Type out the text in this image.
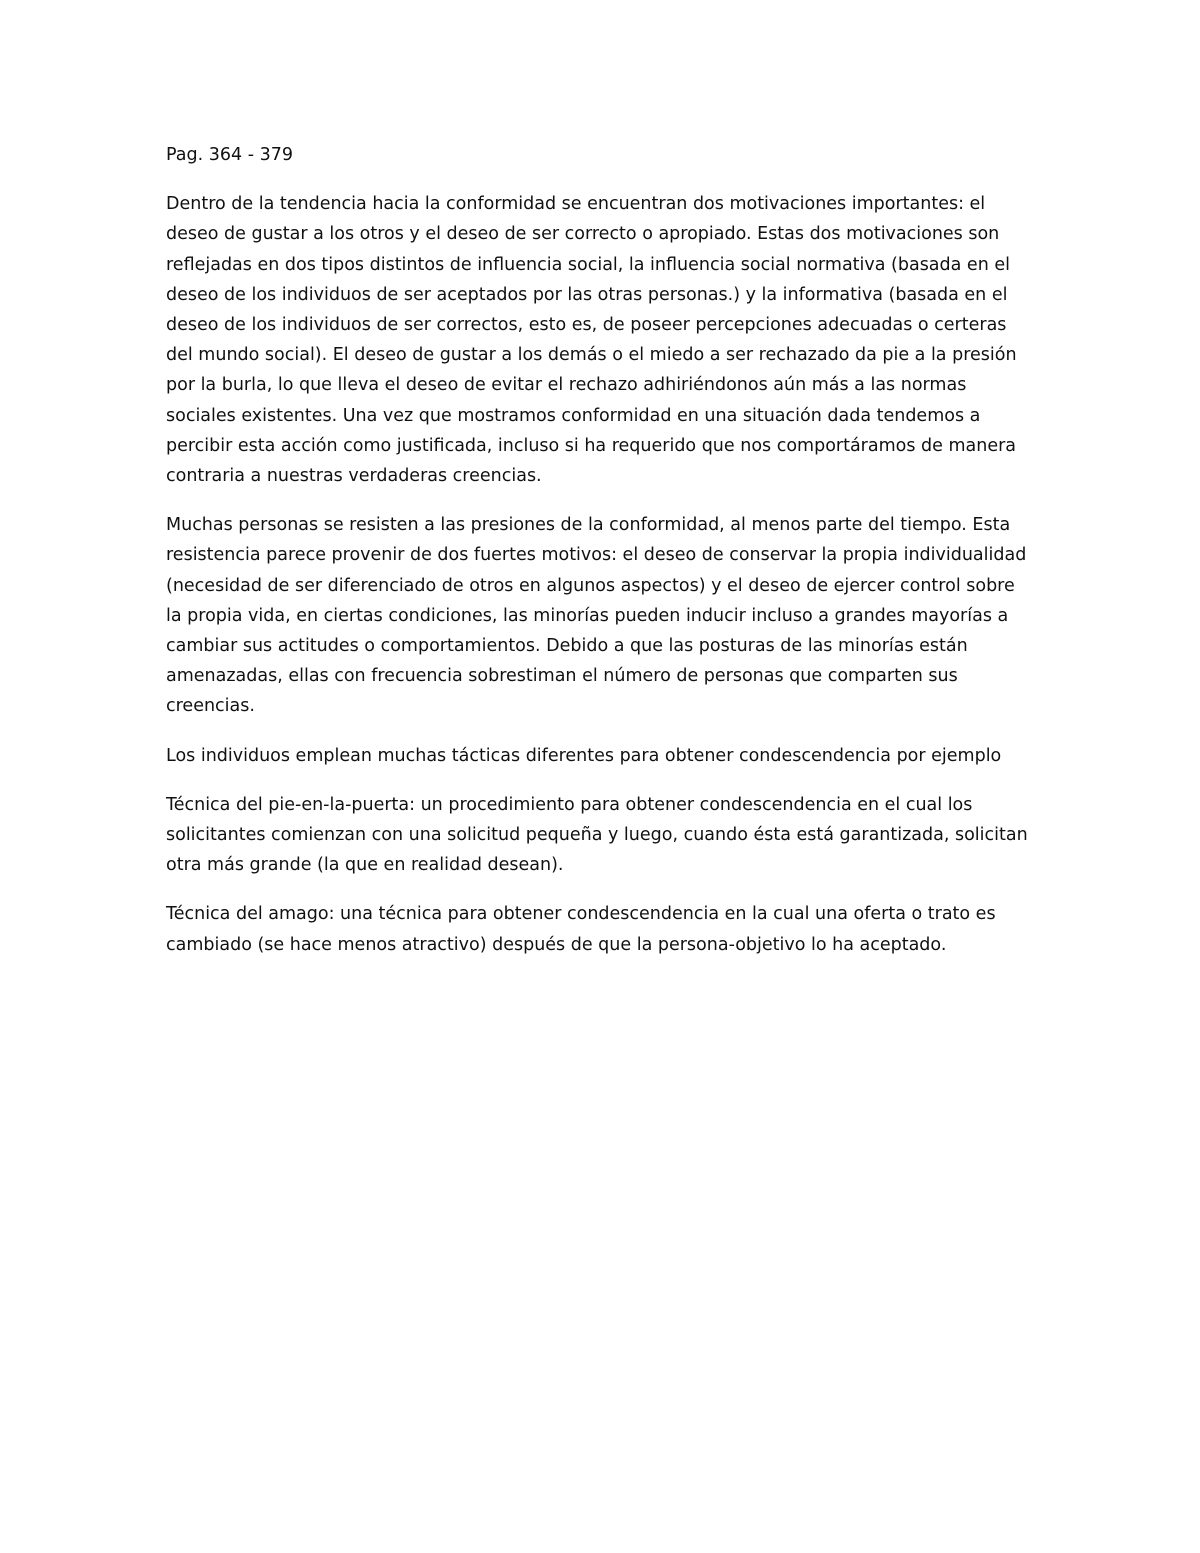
Pag. 364 - 379

Dentro de la tendencia hacia la conformidad se encuentran dos motivaciones importantes: el deseo de gustar a los otros y el deseo de ser correcto o apropiado. Estas dos motivaciones son reflejadas en dos tipos distintos de influencia social, la influencia social normativa (basada en el deseo de los individuos de ser aceptados por las otras personas.) y la informativa (basada en el deseo de los individuos de ser correctos, esto es, de poseer percepciones adecuadas o certeras del mundo social). El deseo de gustar a los demás o el miedo a ser rechazado da pie a la presión por la burla, lo que lleva el deseo de evitar el rechazo adhiriéndonos aún más a las normas sociales existentes. Una vez que mostramos conformidad en una situación dada tendemos a percibir esta acción como justificada, incluso si ha requerido que nos comportáramos de manera contraria a nuestras verdaderas creencias.

Muchas personas se resisten a las presiones de la conformidad, al menos parte del tiempo. Esta resistencia parece provenir de dos fuertes motivos: el deseo de conservar la propia individualidad (necesidad de ser diferenciado de otros en algunos aspectos) y el deseo de ejercer control sobre la propia vida, en ciertas condiciones, las minorías pueden inducir incluso a grandes mayorías a cambiar sus actitudes o comportamientos. Debido a que las posturas de las minorías están amenazadas, ellas con frecuencia sobrestiman el número de personas que comparten sus creencias.

Los individuos emplean muchas tácticas diferentes para obtener condescendencia por ejemplo

Técnica del pie-en-la-puerta: un procedimiento para obtener condescendencia en el cual los solicitantes comienzan con una solicitud pequeña y luego, cuando ésta está garantizada, solicitan otra más grande (la que en realidad desean).

Técnica del amago: una técnica para obtener condescendencia en la cual una oferta o trato es cambiado (se hace menos atractivo) después de que la persona-objetivo lo ha aceptado.
